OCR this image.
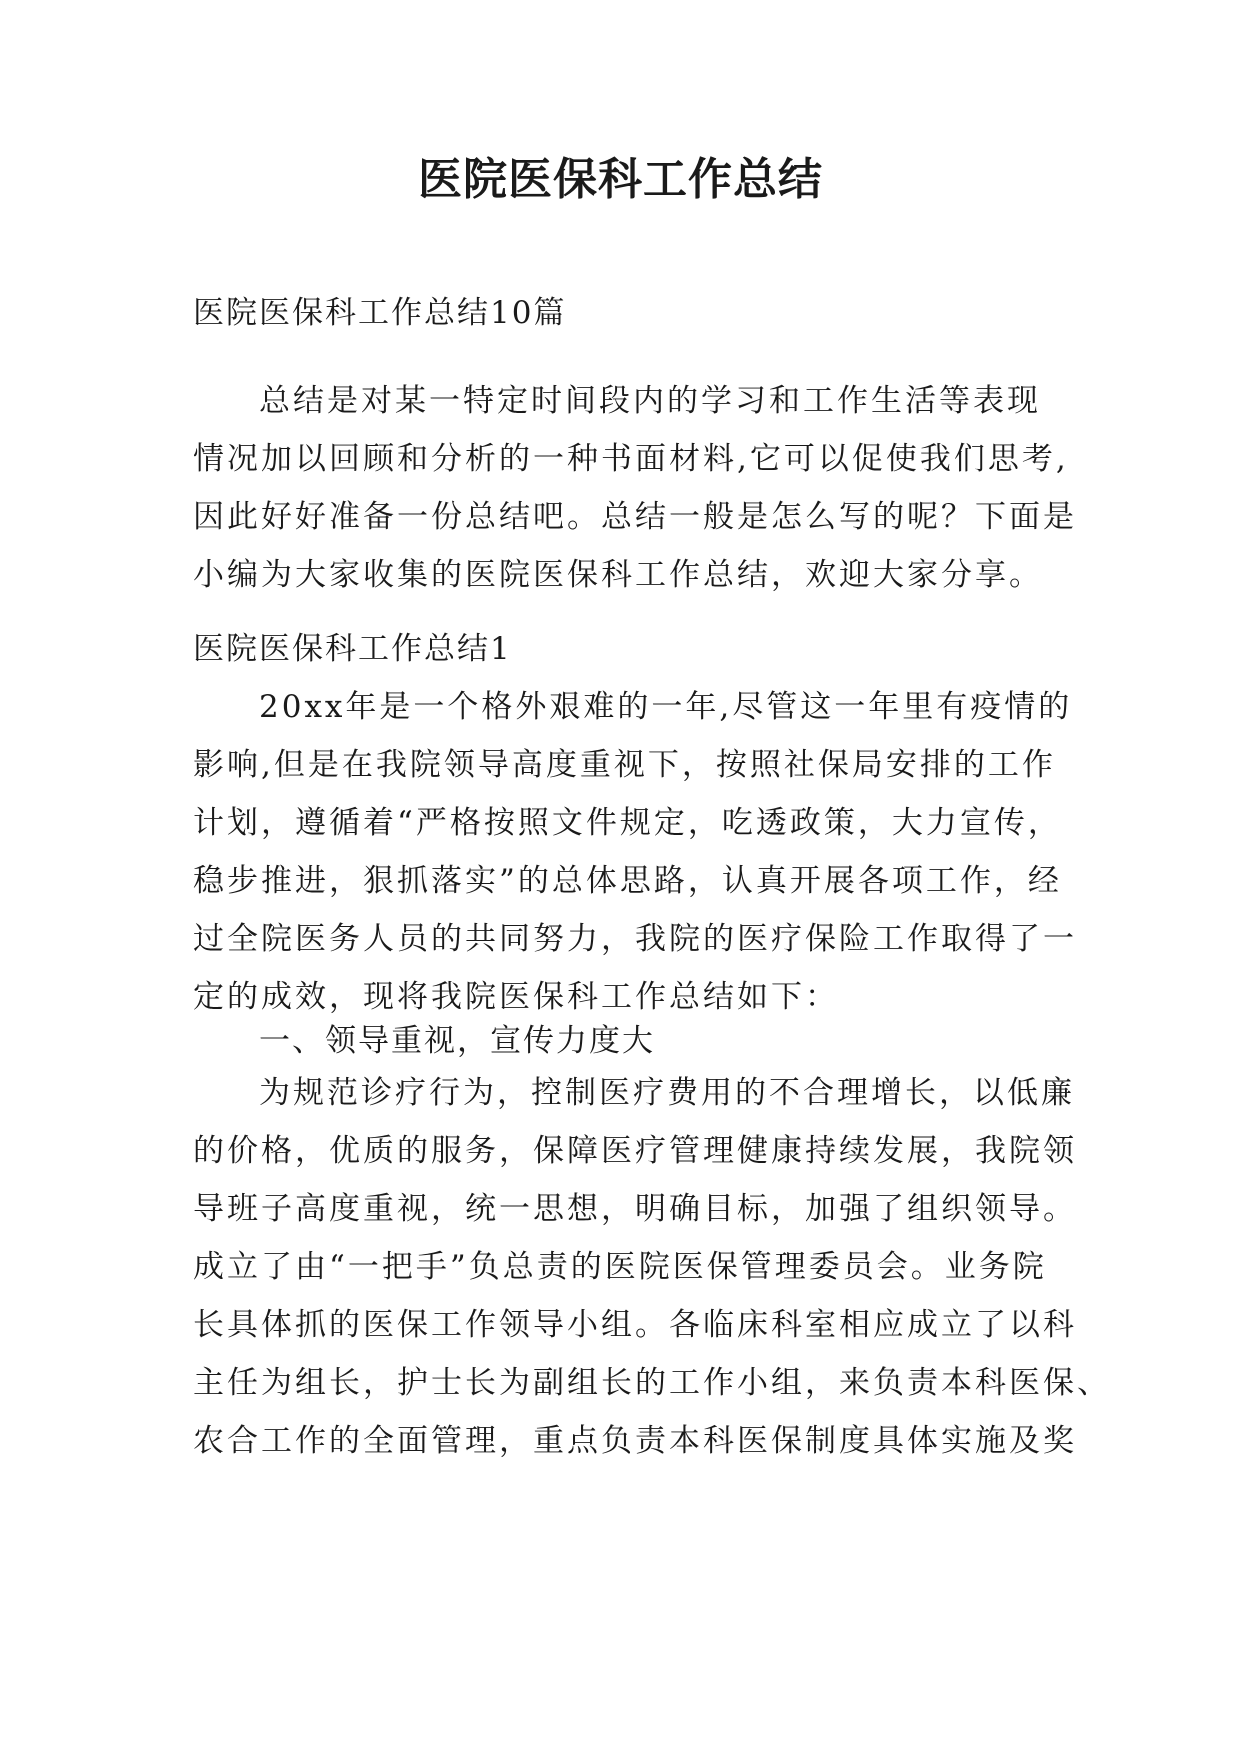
医院医保科工作总结

医院医保科工作总结10篇

总结是对某一特定时间段内的学习和工作生活等表现
情况加以回顾和分析的一种书面材料,它可以促使我们思考,
因此好好准备一份总结吧。总结一般是怎么写的呢？下面是
小编为大家收集的医院医保科工作总结，欢迎大家分享。

医院医保科工作总结1

20xx年是一个格外艰难的一年,尽管这一年里有疫情的
影响,但是在我院领导高度重视下，按照社保局安排的工作
计划，遵循着“严格按照文件规定，吃透政策，大力宣传，
稳步推进，狠抓落实”的总体思路，认真开展各项工作，经
过全院医务人员的共同努力，我院的医疗保险工作取得了一
定的成效，现将我院医保科工作总结如下：

一、领导重视，宣传力度大

为规范诊疗行为，控制医疗费用的不合理增长，以低廉
的价格，优质的服务，保障医疗管理健康持续发展，我院领
导班子高度重视，统一思想，明确目标，加强了组织领导。
成立了由“一把手”负总责的医院医保管理委员会。业务院
长具体抓的医保工作领导小组。各临床科室相应成立了以科
主任为组长，护士长为副组长的工作小组，来负责本科医保、
农合工作的全面管理，重点负责本科医保制度具体实施及奖
